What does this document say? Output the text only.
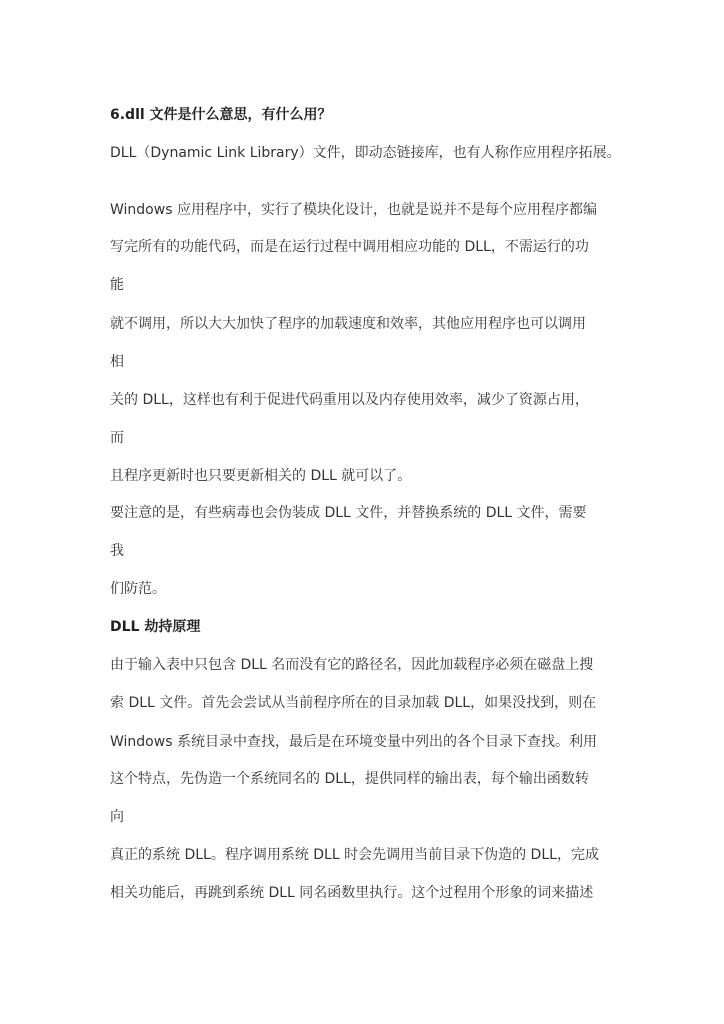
6.dll 文件是什么意思，有什么用？
DLL（Dynamic Link Library）文件，即动态链接库，也有人称作应用程序拓展。
Windows 应用程序中，实行了模块化设计，也就是说并不是每个应用程序都编
写完所有的功能代码，而是在运行过程中调用相应功能的 DLL，不需运行的功
能
就不调用，所以大大加快了程序的加载速度和效率，其他应用程序也可以调用
相
关的 DLL，这样也有利于促进代码重用以及内存使用效率，减少了资源占用，
而
且程序更新时也只要更新相关的 DLL 就可以了。
要注意的是，有些病毒也会伪装成 DLL 文件，并替换系统的 DLL 文件，需要
我
们防范。
DLL 劫持原理
由于输入表中只包含 DLL 名而没有它的路径名，因此加载程序必须在磁盘上搜
索 DLL 文件。首先会尝试从当前程序所在的目录加载 DLL，如果没找到，则在
Windows 系统目录中查找，最后是在环境变量中列出的各个目录下查找。利用
这个特点，先伪造一个系统同名的 DLL，提供同样的输出表，每个输出函数转
向
真正的系统 DLL。程序调用系统 DLL 时会先调用当前目录下伪造的 DLL，完成
相关功能后，再跳到系统 DLL 同名函数里执行。这个过程用个形象的词来描述
